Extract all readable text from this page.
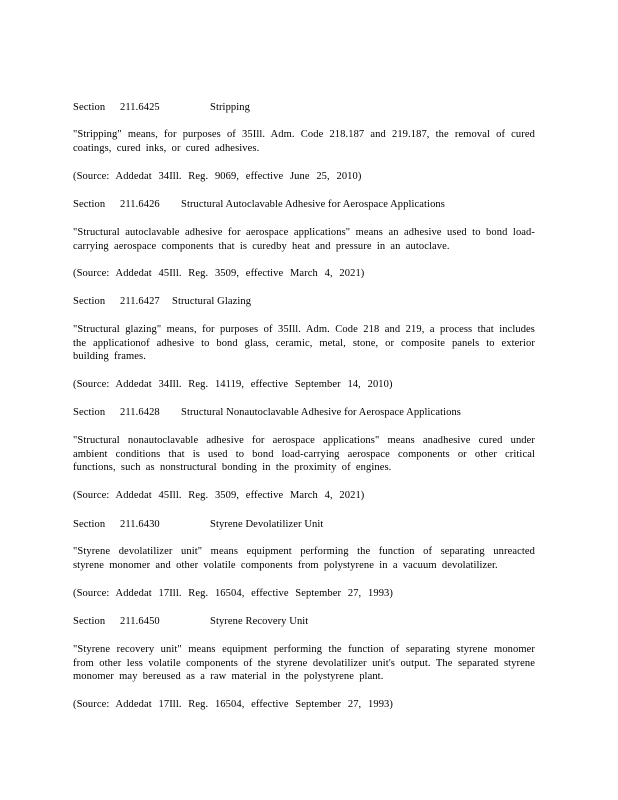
Section 211.6425	Stripping
"Stripping" means, for purposes of 35Ill. Adm. Code 218.187 and 219.187, the removal of cured coatings, cured inks, or cured adhesives.
(Source: Addedat 34Ill. Reg. 9069, effective June 25, 2010)
Section 211.6426 Structural Autoclavable Adhesive for Aerospace Applications
"Structural autoclavable adhesive for aerospace applications" means an adhesive used to bond load-carrying aerospace components that is curedby heat and pressure in an autoclave.
(Source: Addedat 45Ill. Reg. 3509, effective March 4, 2021)
Section 211.6427 Structural Glazing
"Structural glazing" means, for purposes of 35Ill. Adm. Code 218 and 219, a process that includes the applicationof adhesive to bond glass, ceramic, metal, stone, or composite panels to exterior building frames.
(Source: Addedat 34Ill. Reg. 14119, effective September 14, 2010)
Section 211.6428 Structural Nonautoclavable Adhesive for Aerospace Applications
"Structural nonautoclavable adhesive for aerospace applications" means anadhesive cured under ambient conditions that is used to bond load-carrying aerospace components or other critical functions, such as nonstructural bonding in the proximity of engines.
(Source: Addedat 45Ill. Reg. 3509, effective March 4, 2021)
Section 211.6430	Styrene Devolatilizer Unit
"Styrene devolatilizer unit" means equipment performing the function of separating unreacted styrene monomer and other volatile components from polystyrene in a vacuum devolatilizer.
(Source: Addedat 17Ill. Reg. 16504, effective September 27, 1993)
Section 211.6450	Styrene Recovery Unit
"Styrene recovery unit" means equipment performing the function of separating styrene monomer from other less volatile components of the styrene devolatilizer unit's output. The separated styrene monomer may bereused as a raw material in the polystyrene plant.
(Source: Addedat 17Ill. Reg. 16504, effective September 27, 1993)
